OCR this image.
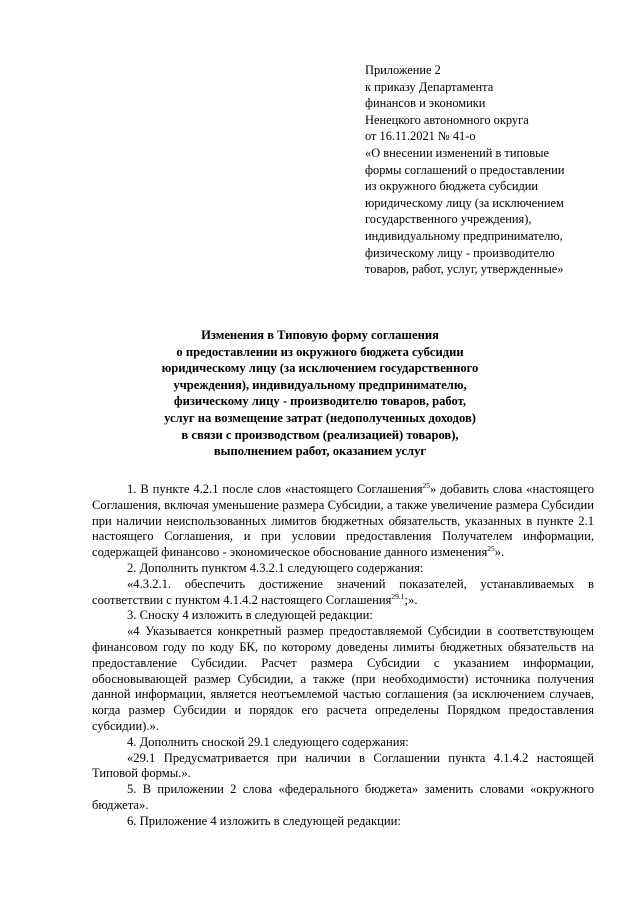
Приложение 2
к приказу Департамента
финансов и экономики
Ненецкого автономного округа
от 16.11.2021 № 41-о
«О внесении изменений в типовые
формы соглашений о предоставлении
из окружного бюджета субсидии
юридическому лицу (за исключением
государственного учреждения),
индивидуальному предпринимателю,
физическому лицу - производителю
товаров, работ, услуг, утвержденные»
Изменения в Типовую форму соглашения
о предоставлении из окружного бюджета субсидии
юридическому лицу (за исключением государственного
учреждения), индивидуальному предпринимателю,
физическому лицу - производителю товаров, работ,
услуг на возмещение затрат (недополученных доходов)
в связи с производством (реализацией) товаров),
выполнением работ, оказанием услуг

1. В пункте 4.2.1 после слов «настоящего Соглашения$^{25}$» добавить слова «настоящего Соглашения, включая уменьшение размера Субсидии, а также увеличение размера Субсидии при наличии неиспользованных лимитов бюджетных обязательств, указанных в пункте 2.1 настоящего Соглашения, и при условии предоставления Получателем информации, содержащей финансово - экономическое обоснование данного изменения$^{25}$».

2. Дополнить пунктом 4.3.2.1 следующего содержания:

«4.3.2.1. обеспечить достижение значений показателей, устанавливаемых в соответствии с пунктом 4.1.4.2 настоящего Соглашения$^{29.1}$;».

3. Сноску 4 изложить в следующей редакции:

«4 Указывается конкретный размер предоставляемой Субсидии в соответствующем финансовом году по коду БК, по которому доведены лимиты бюджетных обязательств на предоставление Субсидии. Расчет размера Субсидии с указанием информации, обосновывающей размер Субсидии, а также (при необходимости) источника получения данной информации, является неотъемлемой частью соглашения (за исключением случаев, когда размер Субсидии и порядок его расчета определены Порядком предоставления субсидии).».

4. Дополнить сноской 29.1 следующего содержания:

«29.1 Предусматривается при наличии в Соглашении пункта 4.1.4.2 настоящей Типовой формы.».

5. В приложении 2 слова «федерального бюджета» заменить словами «окружного бюджета».

6. Приложение 4 изложить в следующей редакции:
